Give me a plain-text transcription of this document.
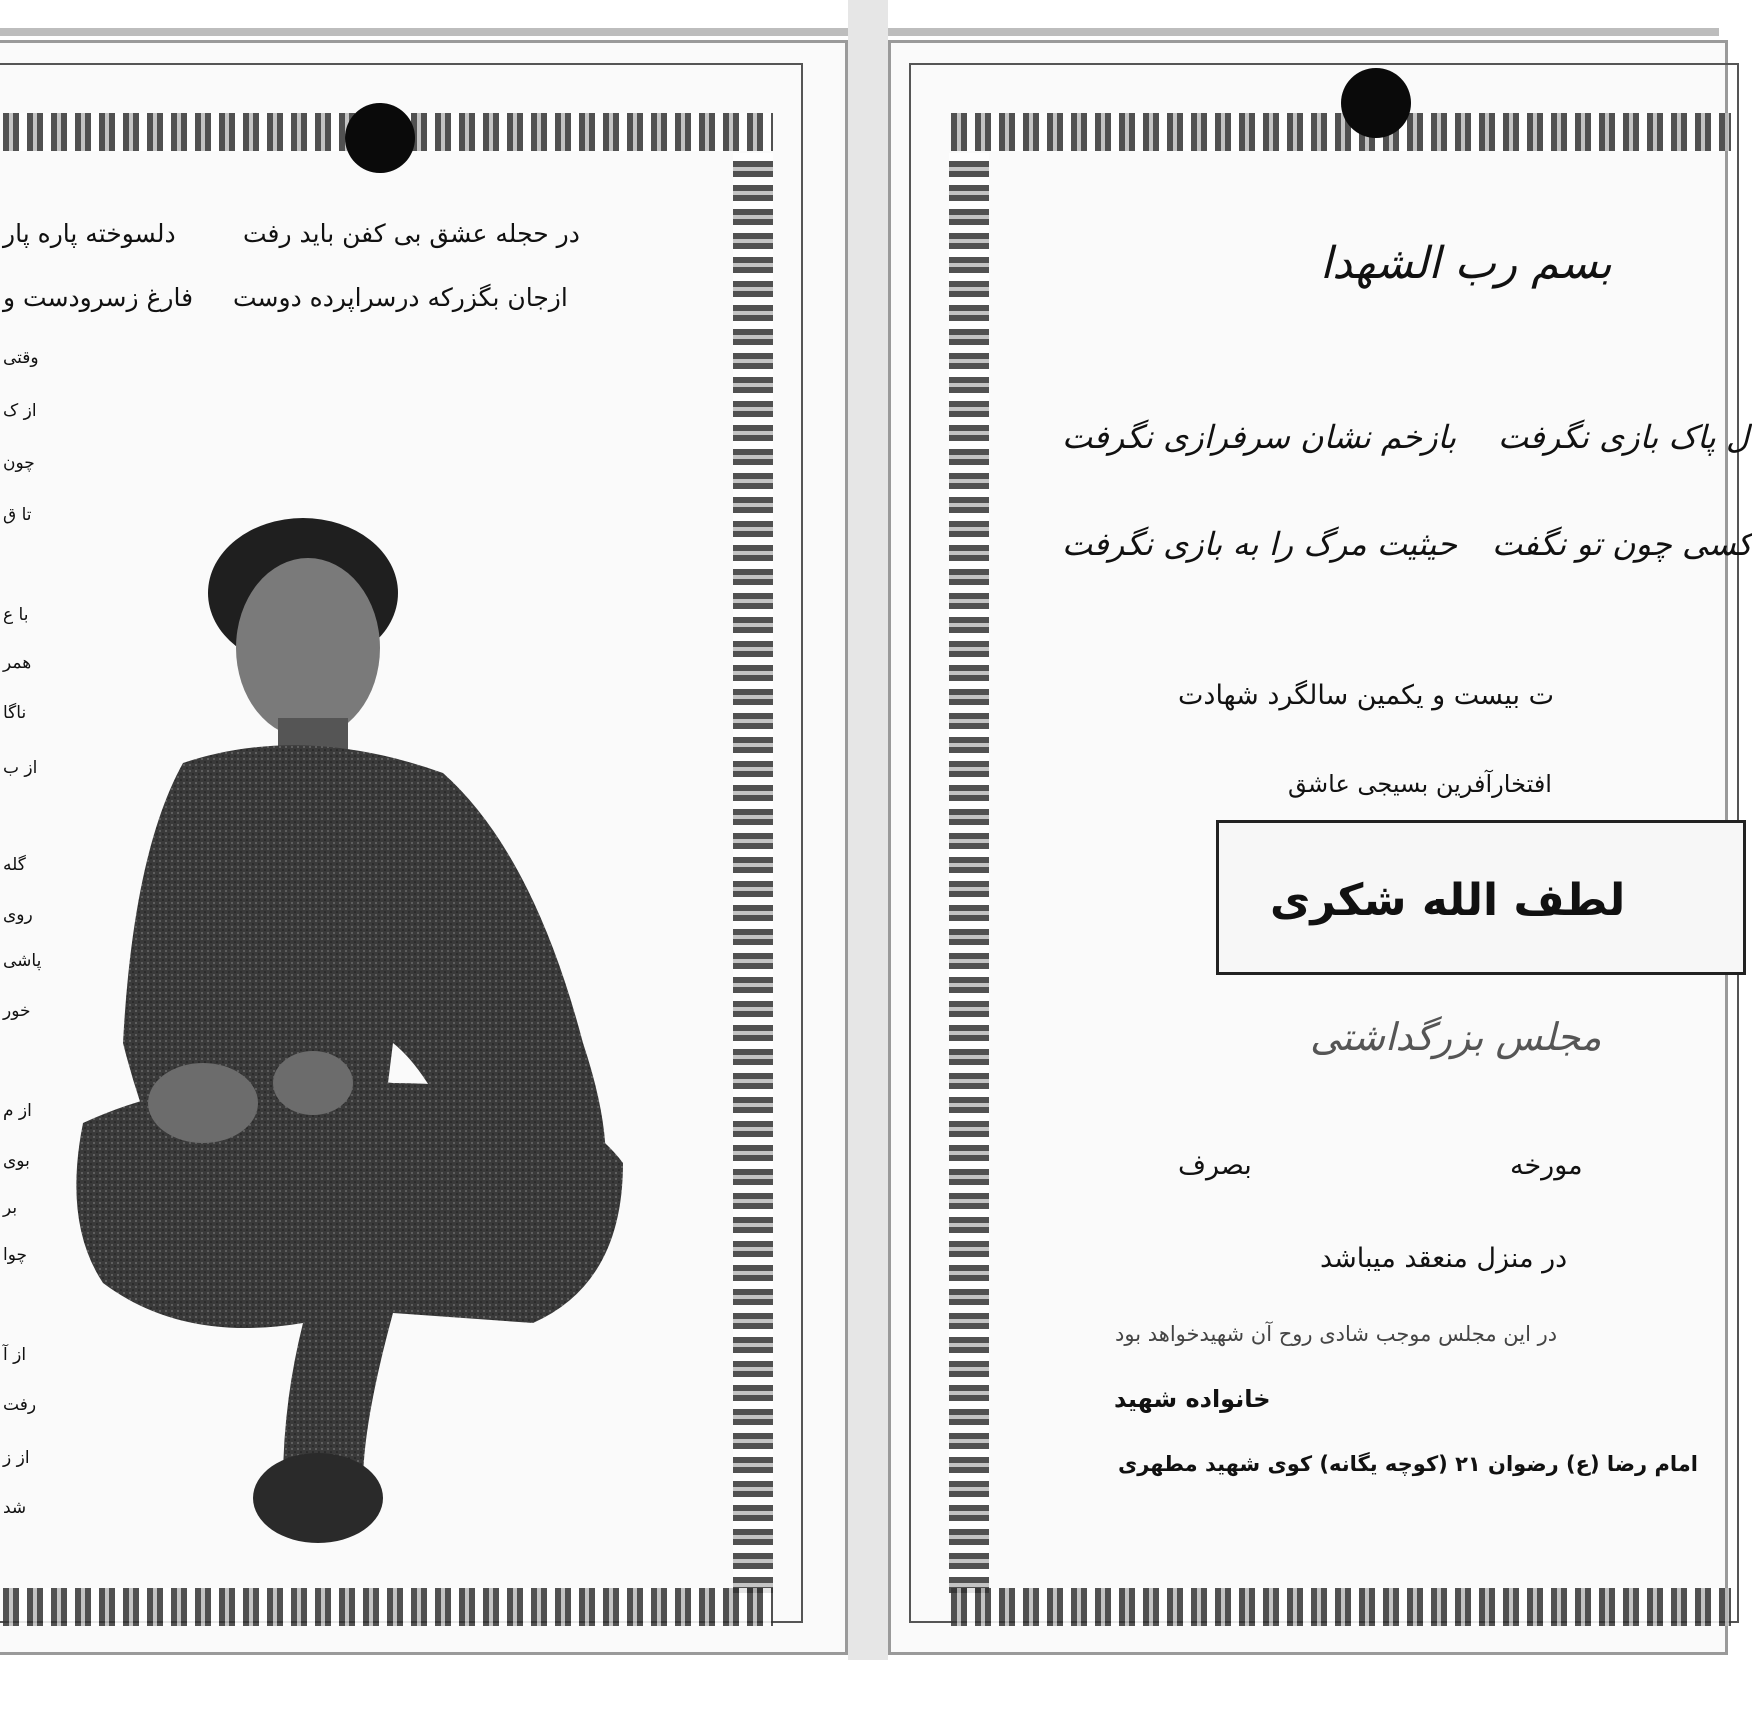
در حجله عشق بی کفن باید رفت
دلسوخته پاره پار
ازجان بگزرکه درسراپرده دوست
فارغ زسرودست و
وقتی
از ک
چون
تا ق
با ع
همر
ناگا
از ب
گله
روی
پاشی
خور
از م
بوی
بر
چوا
از آ
رفت
از ز
شد
بسم رب الشهدا
ل پاک بازی نگرفت
بازخم نشان سرفرازی نگرفت
کسی چون تو نگفت
حیثیت مرگ را به بازی نگرفت
ت بیست و یکمین سالگرد شهادت
افتخارآفرین بسیجی عاشق
لطف الله شکری
مجلس بزرگداشتی
مورخه
بصرف
در منزل منعقد میباشد
در این مجلس موجب شادی روح آن شهیدخواهد بود
خانواده شهید
امام رضا (ع) رضوان ۲۱ (کوچه یگانه) کوی شهید مطهری
